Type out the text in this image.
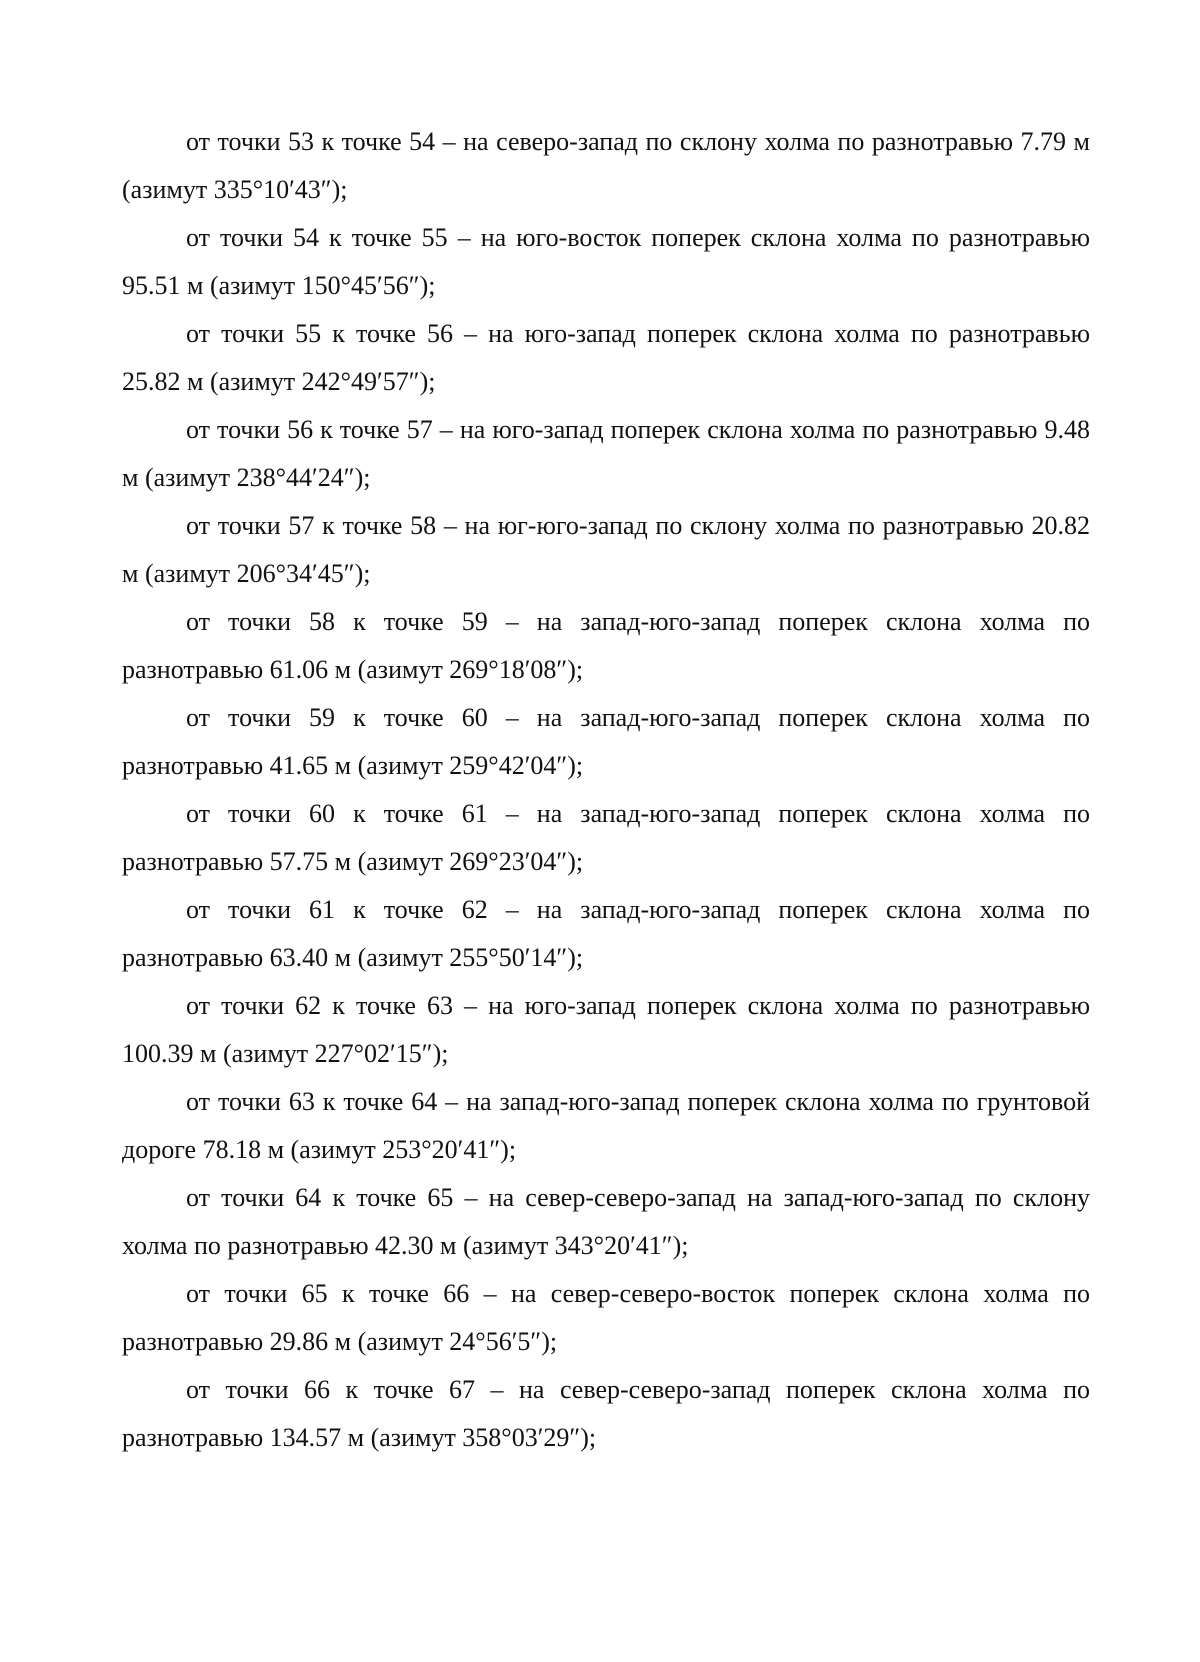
от точки 53 к точке 54 – на северо-запад по склону холма по разнотравью 7.79 м (азимут 335°10′43″);

от точки 54 к точке 55 – на юго-восток поперек склона холма по разнотравью 95.51 м (азимут 150°45′56″);

от точки 55 к точке 56 – на юго-запад поперек склона холма по разнотравью 25.82 м (азимут 242°49′57″);

от точки 56 к точке 57 – на юго-запад поперек склона холма по разнотравью 9.48 м (азимут 238°44′24″);

от точки 57 к точке 58 – на юг-юго-запад по склону холма по разнотравью 20.82 м (азимут 206°34′45″);

от точки 58 к точке 59 – на запад-юго-запад поперек склона холма по разнотравью 61.06 м (азимут 269°18′08″);

от точки 59 к точке 60 – на запад-юго-запад поперек склона холма по разнотравью 41.65 м (азимут 259°42′04″);

от точки 60 к точке 61 – на запад-юго-запад поперек склона холма по разнотравью 57.75 м (азимут 269°23′04″);

от точки 61 к точке 62 – на запад-юго-запад поперек склона холма по разнотравью 63.40 м (азимут 255°50′14″);

от точки 62 к точке 63 – на юго-запад поперек склона холма по разнотравью 100.39 м (азимут 227°02′15″);

от точки 63 к точке 64 – на запад-юго-запад поперек склона холма по грунтовой дороге 78.18 м (азимут 253°20′41″);

от точки 64 к точке 65 – на север-северо-запад на запад-юго-запад по склону холма по разнотравью 42.30 м (азимут 343°20′41″);

от точки 65 к точке 66 – на север-северо-восток поперек склона холма по разнотравью 29.86 м (азимут 24°56′5″);

от точки 66 к точке 67 – на север-северо-запад поперек склона холма по разнотравью 134.57 м (азимут 358°03′29″);
